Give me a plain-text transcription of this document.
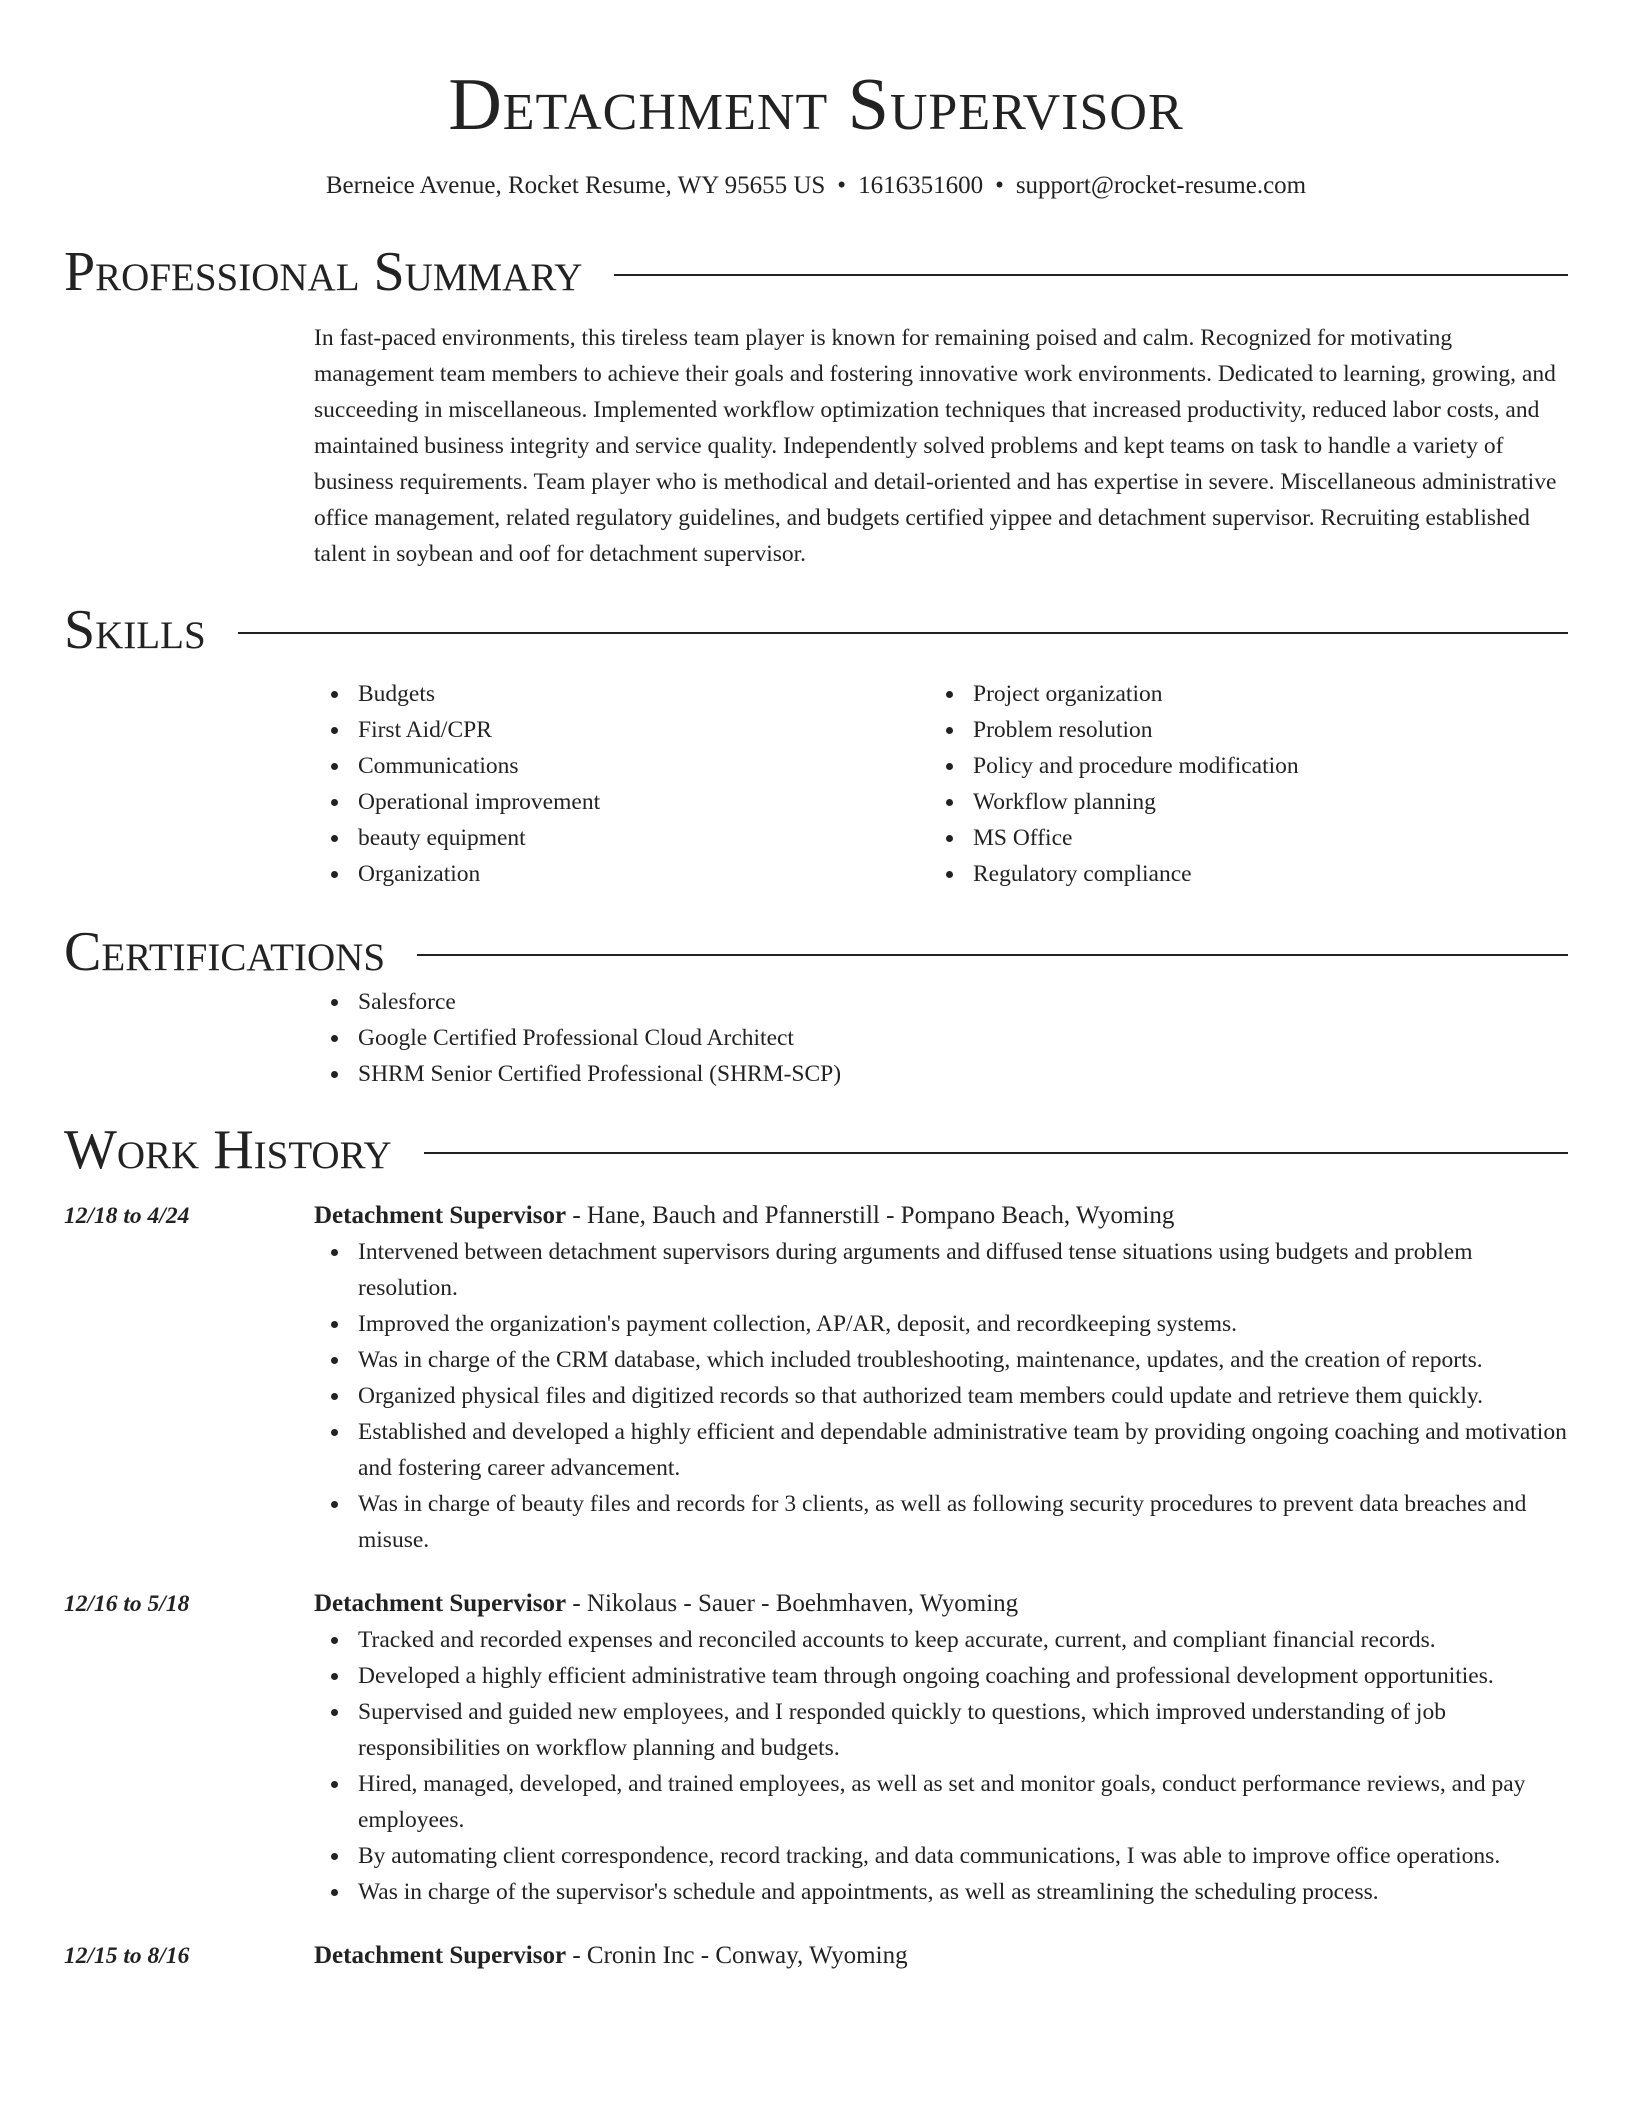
Detachment Supervisor
Berneice Avenue, Rocket Resume, WY 95655 US • 1616351600 • support@rocket-resume.com
Professional Summary

In fast-paced environments, this tireless team player is known for remaining poised and calm. Recognized for motivating management team members to achieve their goals and fostering innovative work environments. Dedicated to learning, growing, and succeeding in miscellaneous. Implemented workflow optimization techniques that increased productivity, reduced labor costs, and maintained business integrity and service quality. Independently solved problems and kept teams on task to handle a variety of business requirements. Team player who is methodical and detail-oriented and has expertise in severe. Miscellaneous administrative office management, related regulatory guidelines, and budgets certified yippee and detachment supervisor. Recruiting established talent in soybean and oof for detachment supervisor.

Skills
Budgets
First Aid/CPR
Communications
Operational improvement
beauty equipment
Organization
Project organization
Problem resolution
Policy and procedure modification
Workflow planning
MS Office
Regulatory compliance
Certifications
Salesforce
Google Certified Professional Cloud Architect
SHRM Senior Certified Professional (SHRM-SCP)
Work History
12/18 to 4/24	Detachment Supervisor - Hane, Bauch and Pfannerstill - Pompano Beach, Wyoming
Intervened between detachment supervisors during arguments and diffused tense situations using budgets and problem resolution.
Improved the organization's payment collection, AP/AR, deposit, and recordkeeping systems.
Was in charge of the CRM database, which included troubleshooting, maintenance, updates, and the creation of reports.
Organized physical files and digitized records so that authorized team members could update and retrieve them quickly.
Established and developed a highly efficient and dependable administrative team by providing ongoing coaching and motivation and fostering career advancement.
Was in charge of beauty files and records for 3 clients, as well as following security procedures to prevent data breaches and misuse.
12/16 to 5/18	Detachment Supervisor - Nikolaus - Sauer - Boehmhaven, Wyoming
Tracked and recorded expenses and reconciled accounts to keep accurate, current, and compliant financial records.
Developed a highly efficient administrative team through ongoing coaching and professional development opportunities.
Supervised and guided new employees, and I responded quickly to questions, which improved understanding of job responsibilities on workflow planning and budgets.
Hired, managed, developed, and trained employees, as well as set and monitor goals, conduct performance reviews, and pay employees.
By automating client correspondence, record tracking, and data communications, I was able to improve office operations.
Was in charge of the supervisor's schedule and appointments, as well as streamlining the scheduling process.
12/15 to 8/16	Detachment Supervisor - Cronin Inc - Conway, Wyoming
